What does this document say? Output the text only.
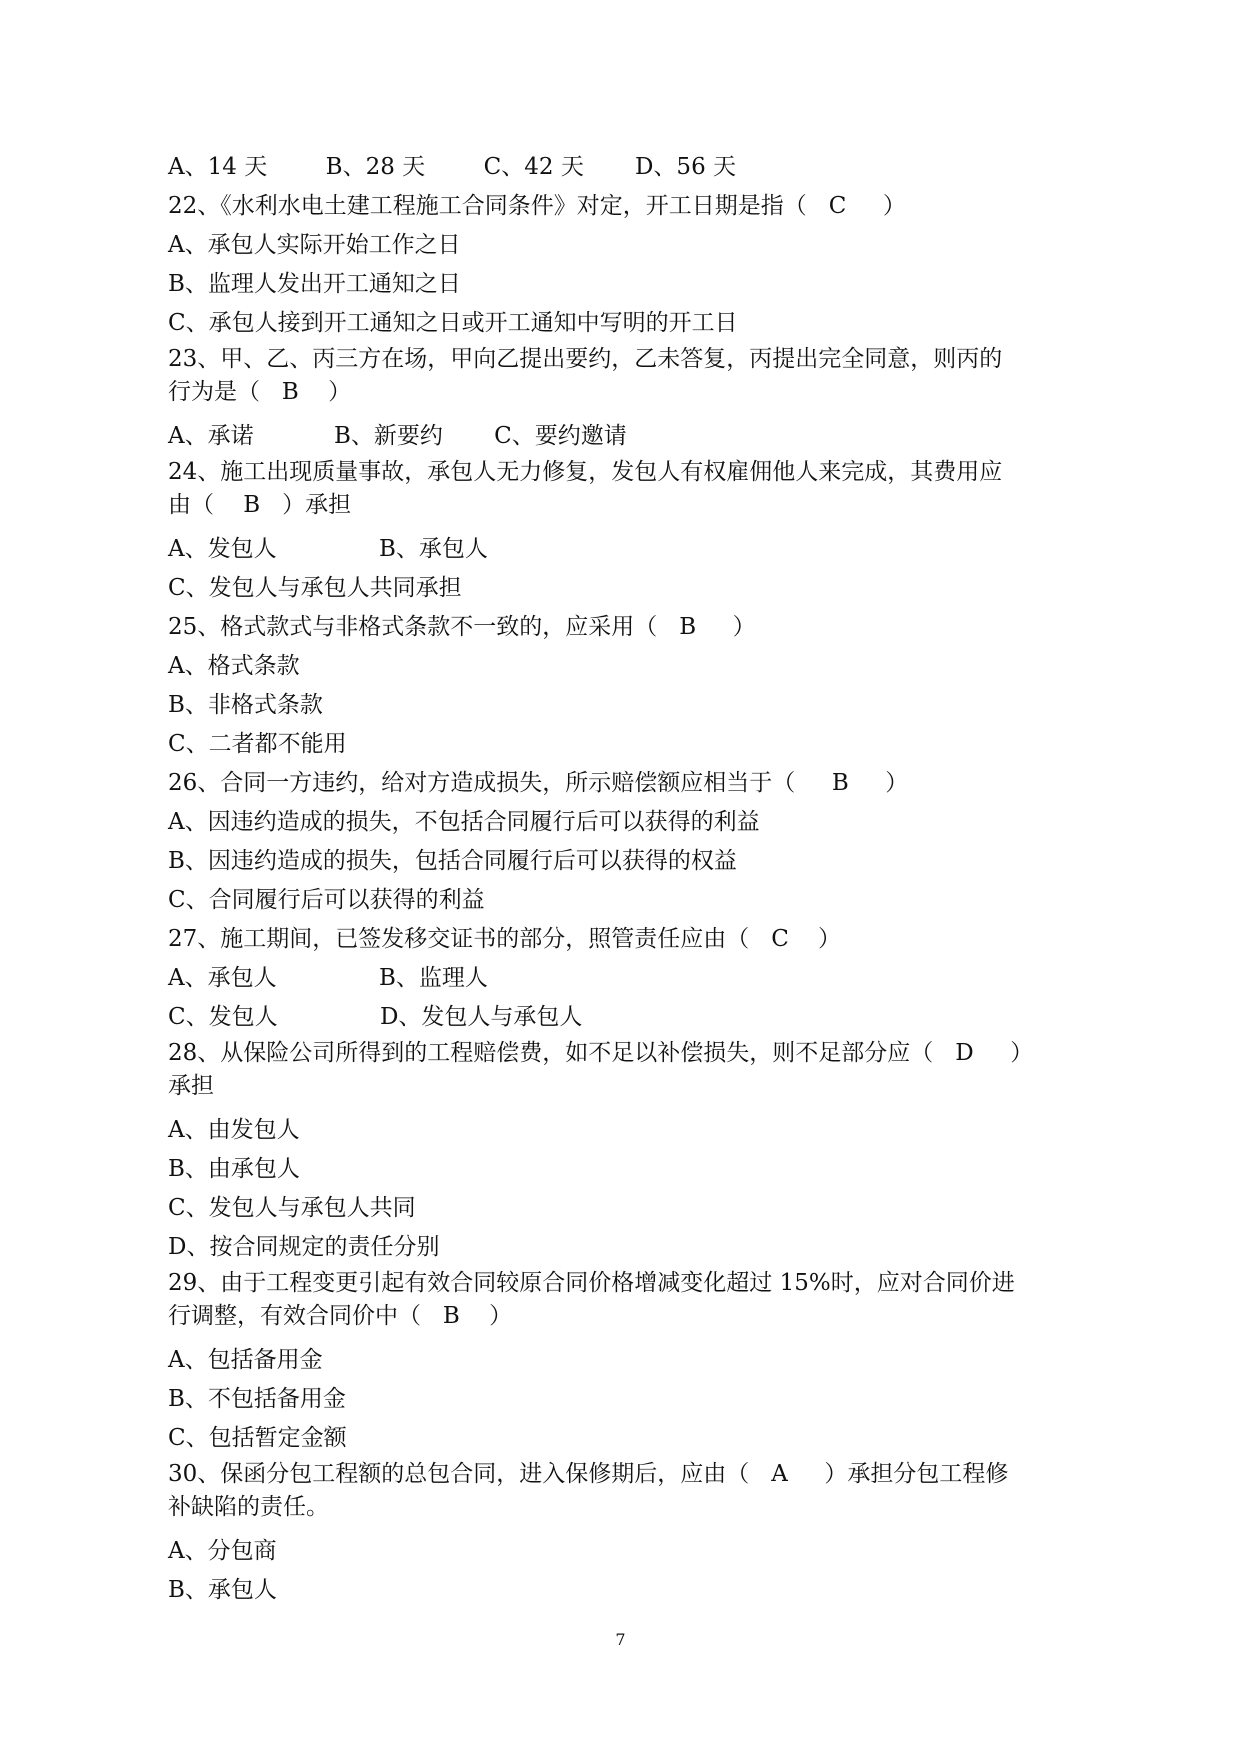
A、14 天        B、28 天        C、42 天       D、56 天
22、《水利水电土建工程施工合同条件》对定，开工日期是指（   C     ）
A、承包人实际开始工作之日
B、监理人发出开工通知之日
C、承包人接到开工通知之日或开工通知中写明的开工日
23、甲、乙、丙三方在场，甲向乙提出要约，乙未答复，丙提出完全同意，则丙的
行为是（   B    ）
A、承诺           B、新要约       C、要约邀请
24、施工出现质量事故，承包人无力修复，发包人有权雇佣他人来完成，其费用应
由（    B   ）承担
A、发包人              B、承包人
C、发包人与承包人共同承担
25、格式款式与非格式条款不一致的，应采用（   B     ）
A、格式条款
B、非格式条款
C、二者都不能用
26、合同一方违约，给对方造成损失，所示赔偿额应相当于（     B     ）
A、因违约造成的损失，不包括合同履行后可以获得的利益
B、因违约造成的损失，包括合同履行后可以获得的权益
C、合同履行后可以获得的利益
27、施工期间，已签发移交证书的部分，照管责任应由（   C    ）
A、承包人              B、监理人
C、发包人              D、发包人与承包人
28、从保险公司所得到的工程赔偿费，如不足以补偿损失，则不足部分应（   D     ）
承担
A、由发包人
B、由承包人
C、发包人与承包人共同
D、按合同规定的责任分别
29、由于工程变更引起有效合同较原合同价格增减变化超过 15%时，应对合同价进
行调整，有效合同价中（   B    ）
A、包括备用金
B、不包括备用金
C、包括暂定金额
30、保函分包工程额的总包合同，进入保修期后，应由（   A     ）承担分包工程修
补缺陷的责任。
A、分包商
B、承包人
7
